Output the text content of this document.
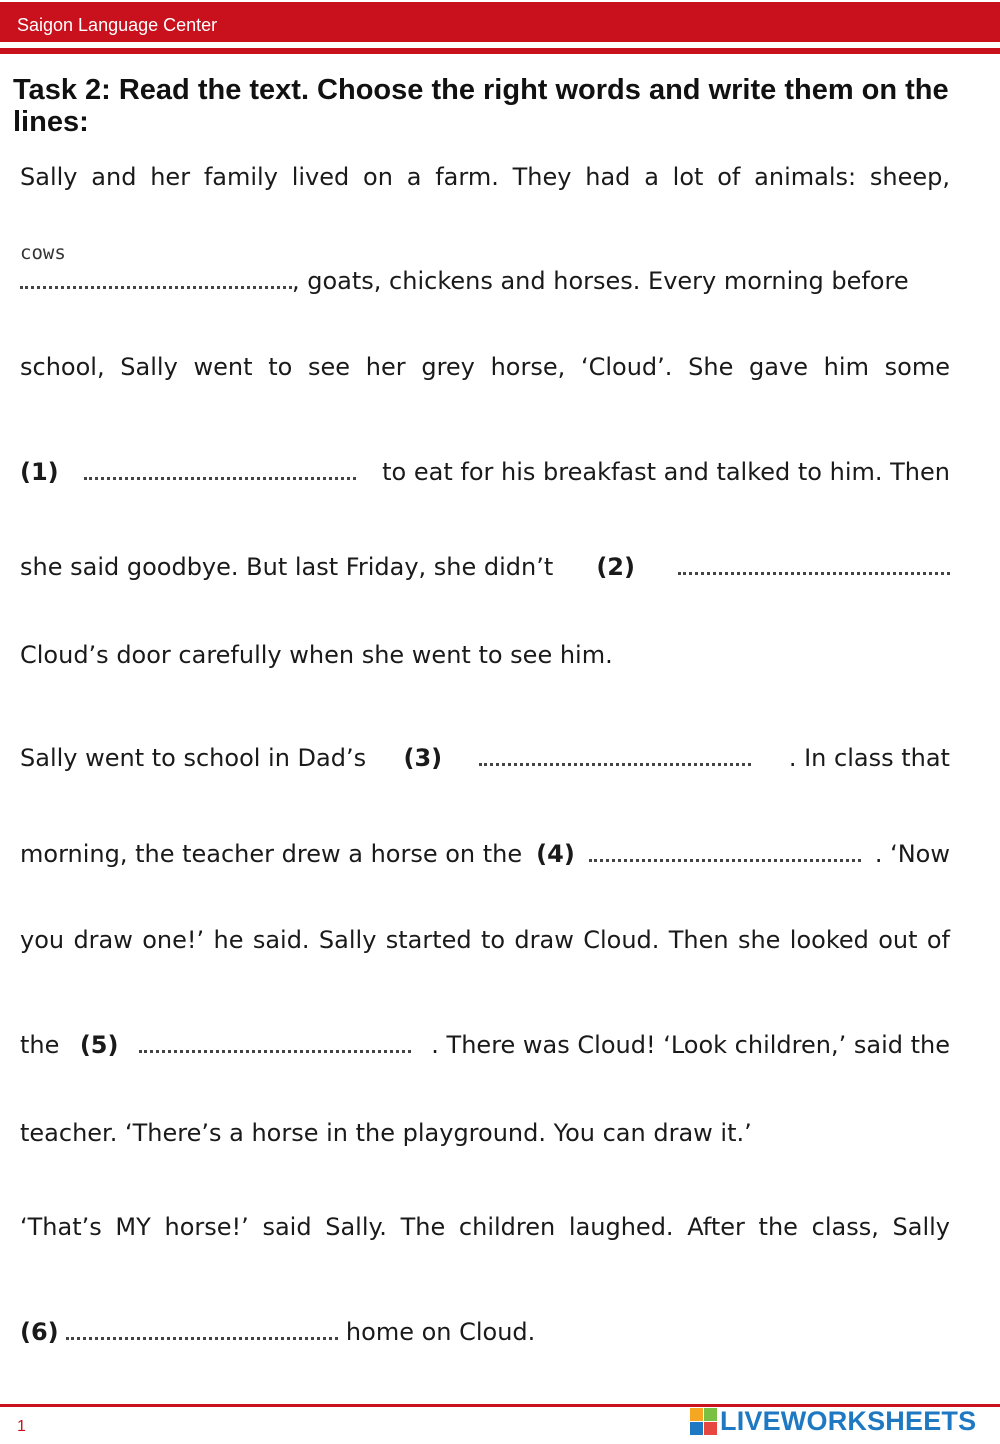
Saigon Language Center
Task 2: Read the text. Choose the right words and write them on the lines:
Sally and her family lived on a farm. They had a lot of animals: sheep,
cows
, goats, chickens and horses. Every morning before
school, Sally went to see her grey horse, ‘Cloud’. She gave him some
(1)	to eat for his breakfast and talked to him. Then
she said goodbye. But last Friday, she didn’t (2)
Cloud’s door carefully when she went to see him.
Sally went to school in Dad’s (3)	. In class that
morning, the teacher drew a horse on the (4)	. ‘Now
you draw one!’ he said. Sally started to draw Cloud. Then she looked out of
the (5)	. There was Cloud! ‘Look children,’ said the
teacher. ‘There’s a horse in the playground. You can draw it.’
‘That’s MY horse!’ said Sally. The children laughed. After the class, Sally
(6)	home on Cloud.
1	LIVEWORKSHEETS
